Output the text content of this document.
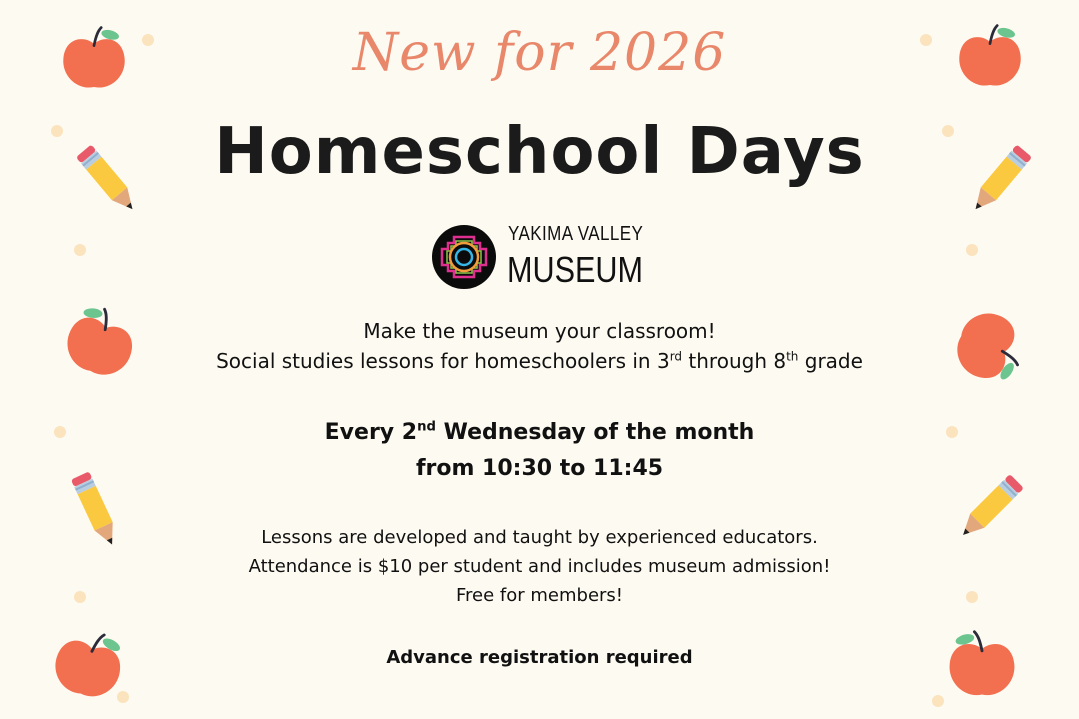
New for 2026
Homeschool Days
YAKIMA VALLEY
MUSEUM
Make the museum your classroom!
Social studies lessons for homeschoolers in 3rd through 8th grade
Every 2nd Wednesday of the month
from 10:30 to 11:45
Lessons are developed and taught by experienced educators.
Attendance is $10 per student and includes museum admission!
Free for members!
Advance registration required
